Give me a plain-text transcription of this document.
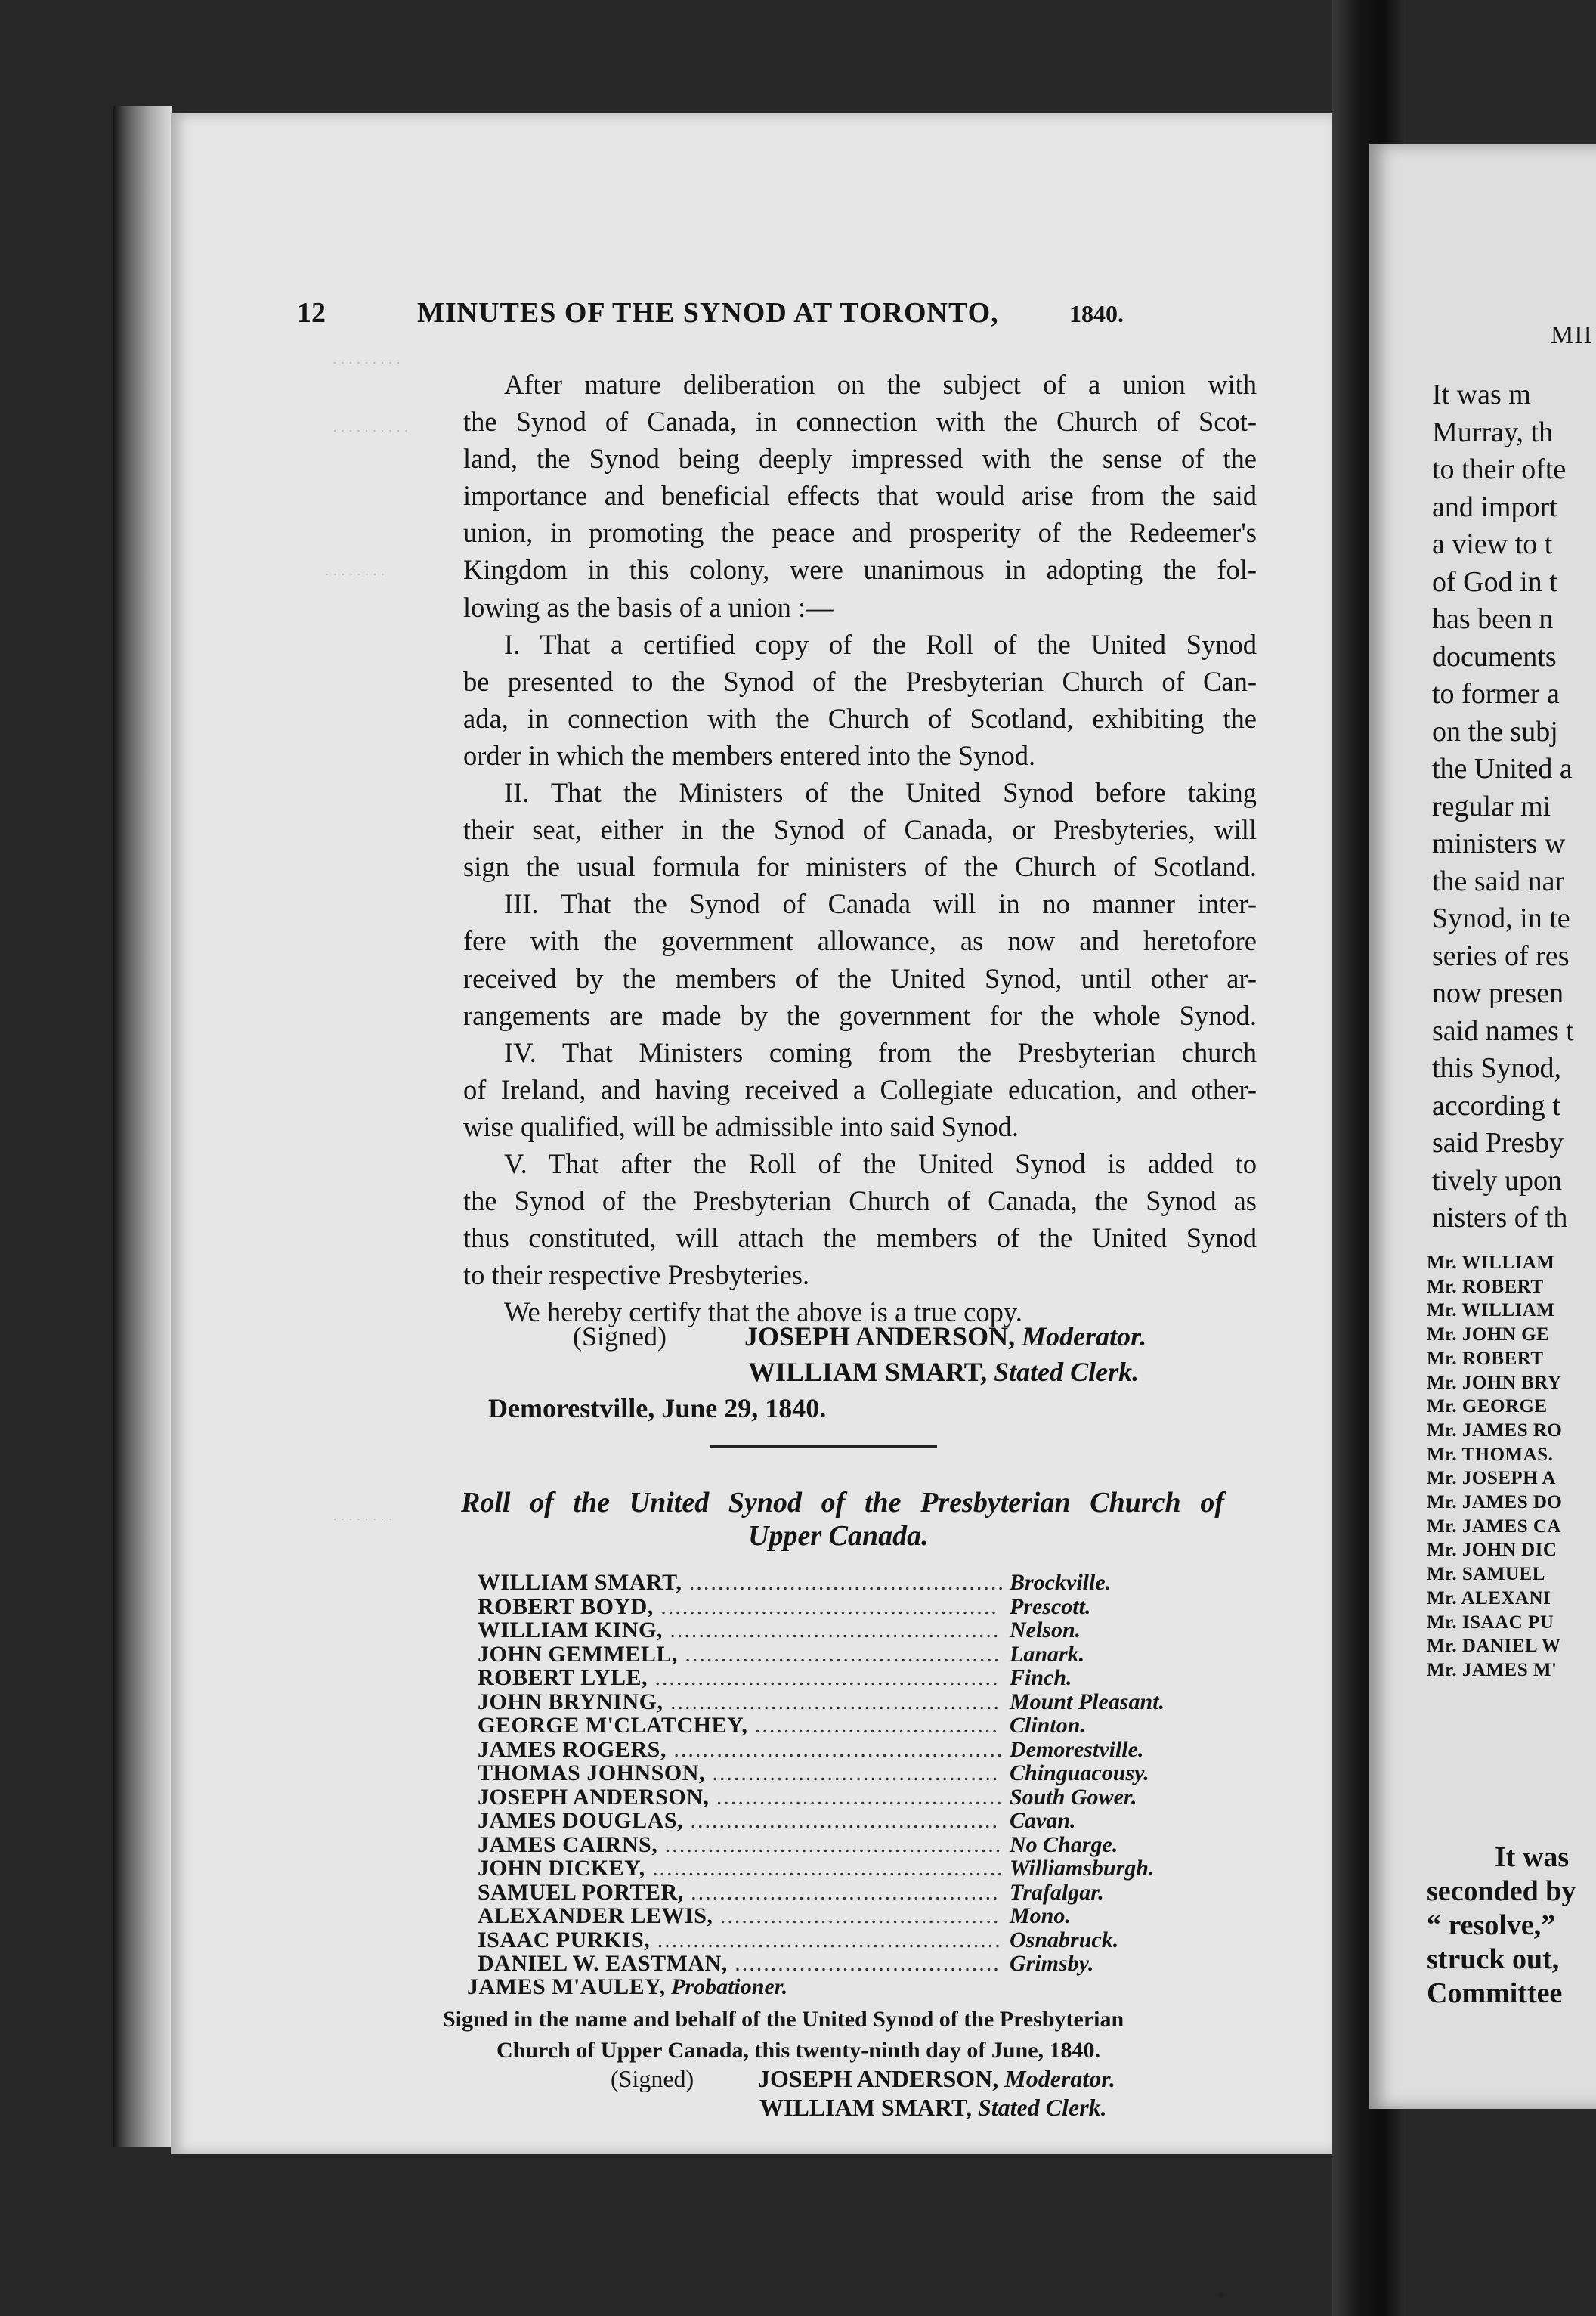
· · · · · · · · ·
· · · · · · · · · ·
· · · · · · · ·
· · · · · · · ·
12	MINUTES OF THE SYNOD AT TORONTO,	1840.
After mature deliberation on the subject of a union with
the Synod of Canada, in connection with the Church of Scot-
land, the Synod being deeply impressed with the sense of the
importance and beneficial effects that would arise from the said
union, in promoting the peace and prosperity of the Redeemer's
Kingdom in this colony, were unanimous in adopting the fol-
lowing as the basis of a union :—
I. That a certified copy of the Roll of the United Synod
be presented to the Synod of the Presbyterian Church of Can-
ada, in connection with the Church of Scotland, exhibiting the
order in which the members entered into the Synod.
II. That the Ministers of the United Synod before taking
their seat, either in the Synod of Canada, or Presbyteries, will
sign the usual formula for ministers of the Church of Scotland.
III. That the Synod of Canada will in no manner inter-
fere with the government allowance, as now and heretofore
received by the members of the United Synod, until other ar-
rangements are made by the government for the whole Synod.
IV. That Ministers coming from the Presbyterian church
of Ireland, and having received a Collegiate education, and other-
wise qualified, will be admissible into said Synod.
V. That after the Roll of the United Synod is added to
the Synod of the Presbyterian Church of Canada, the Synod as
thus constituted, will attach the members of the United Synod
to their respective Presbyteries.
We hereby certify that the above is a true copy.
(Signed)	JOSEPH ANDERSON, Moderator.
WILLIAM SMART, Stated Clerk.
Demorestville, June 29, 1840.
Roll of the United Synod of the Presbyterian Church of
Upper Canada.
WILLIAM SMART, ............................................ Brockville.
ROBERT BOYD, ............................................... Prescott.
WILLIAM KING, .............................................. Nelson.
JOHN GEMMELL, ............................................ Lanark.
ROBERT LYLE, ................................................ Finch.
JOHN BRYNING, .............................................. Mount Pleasant.
GEORGE M'CLATCHEY, .................................. Clinton.
JAMES ROGERS, .............................................. Demorestville.
THOMAS JOHNSON, ........................................ Chinguacousy.
JOSEPH ANDERSON, ........................................ South Gower.
JAMES DOUGLAS, ........................................... Cavan.
JAMES CAIRNS, ............................................... No Charge.
JOHN DICKEY, ................................................. Williamsburgh.
SAMUEL PORTER, ........................................... Trafalgar.
ALEXANDER LEWIS, ....................................... Mono.
ISAAC PURKIS, ................................................ Osnabruck.
DANIEL W. EASTMAN, ..................................... Grimsby.
JAMES M'AULEY, Probationer.
Signed in the name and behalf of the United Synod of the Presbyterian
Church of Upper Canada, this twenty-ninth day of June, 1840.
(Signed)	JOSEPH ANDERSON, Moderator.
WILLIAM SMART, Stated Clerk.
MII
It was m
Murray, th
to their ofte
and import
a view to t
of God in t
has been n
documents
to former a
on the subj
the United a
regular mi
ministers w
the said nar
Synod, in te
series of res
now presen
said names t
this Synod,
according t
said Presby
tively upon
nisters of th
Mr. WILLIAM
Mr. ROBERT
Mr. WILLIAM
Mr. JOHN GE
Mr. ROBERT
Mr. JOHN BRY
Mr. GEORGE
Mr. JAMES RO
Mr. THOMAS.
Mr. JOSEPH A
Mr. JAMES DO
Mr. JAMES CA
Mr. JOHN DIC
Mr. SAMUEL
Mr. ALEXANI
Mr. ISAAC PU
Mr. DANIEL W
Mr. JAMES M'
It was
seconded by
“ resolve,”
struck out,
Committee
